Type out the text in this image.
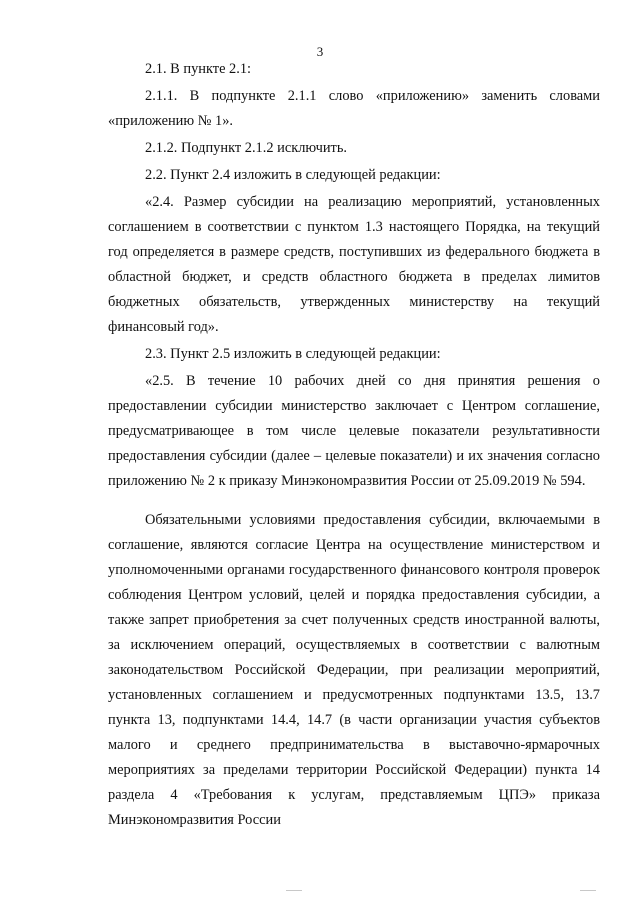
3

2.1. В пункте 2.1:

2.1.1. В подпункте 2.1.1 слово «приложению» заменить словами «приложению № 1».

2.1.2. Подпункт 2.1.2 исключить.

2.2. Пункт 2.4 изложить в следующей редакции:

«2.4. Размер субсидии на реализацию мероприятий, установленных соглашением в соответствии с пунктом 1.3 настоящего Порядка, на текущий год определяется в размере средств, поступивших из федерального бюджета в областной бюджет, и средств областного бюджета в пределах лимитов бюджетных обязательств, утвержденных министерству на текущий финансовый год».

2.3. Пункт 2.5 изложить в следующей редакции:

«2.5. В течение 10 рабочих дней со дня принятия решения о предоставлении субсидии министерство заключает с Центром соглашение, предусматривающее в том числе целевые показатели результативности предоставления субсидии (далее – целевые показатели) и их значения согласно приложению № 2 к приказу Минэкономразвития России от 25.09.2019 № 594.

Обязательными условиями предоставления субсидии, включаемыми в соглашение, являются согласие Центра на осуществление министерством и уполномоченными органами государственного финансового контроля проверок соблюдения Центром условий, целей и порядка предоставления субсидии, а также запрет приобретения за счет полученных средств иностранной валюты, за исключением операций, осуществляемых в соответствии с валютным законодательством Российской Федерации, при реализации мероприятий, установленных соглашением и предусмотренных подпунктами 13.5, 13.7 пункта 13, подпунктами 14.4, 14.7 (в части организации участия субъектов малого и среднего предпринимательства в выставочно-ярмарочных мероприятиях за пределами территории Российской Федерации) пункта 14 раздела 4 «Требования к услугам, представляемым ЦПЭ» приказа Минэкономразвития России
